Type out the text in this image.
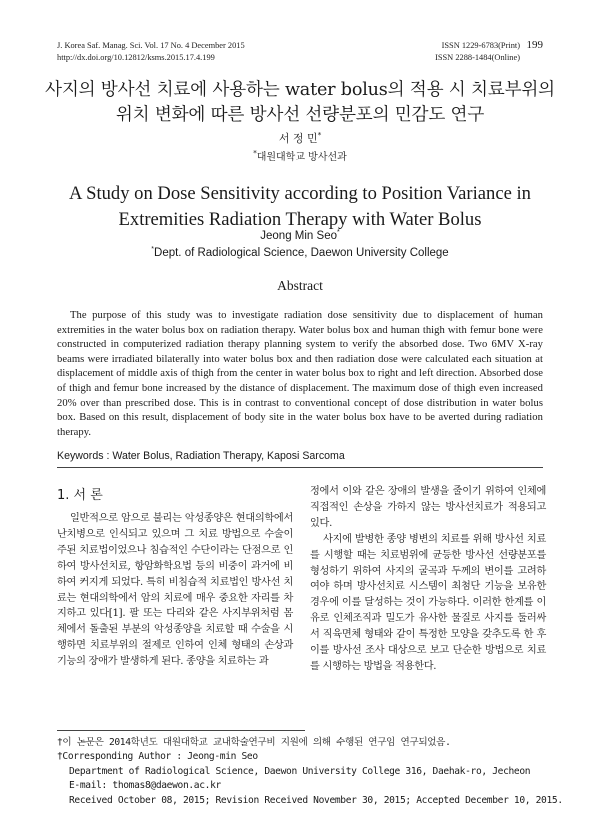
J. Korea Saf. Manag. Sci. Vol. 17 No. 4 December 2015	ISSN 1229-6783(Print) 199
http://dx.doi.org/10.12812/ksms.2015.17.4.199	ISSN 2288-1484(Online)
사지의 방사선 치료에 사용하는 water bolus의 적용 시 치료부위의
위치 변화에 따른 방사선 선량분포의 민감도 연구
서 정 민*
*대원대학교 방사선과
A Study on Dose Sensitivity according to Position Variance in
Extremities Radiation Therapy with Water Bolus
Jeong Min Seo*
*Dept. of Radiological Science, Daewon University College
Abstract
The purpose of this study was to investigate radiation dose sensitivity due to displacement of human extremities in the water bolus box on radiation therapy. Water bolus box and human thigh with femur bone were constructed in computerized radiation therapy planning system to verify the absorbed dose. Two 6MV X-ray beams were irradiated bilaterally into water bolus box and then radiation dose were calculated each situation at displacement of middle axis of thigh from the center in water bolus box to right and left direction. Absorbed dose of thigh and femur bone increased by the distance of displacement. The maximum dose of thigh even increased 20% over than prescribed dose. This is in contrast to conventional concept of dose distribution in water bolus box. Based on this result, displacement of body site in the water bolus box have to be averted during radiation therapy.
Keywords : Water Bolus, Radiation Therapy, Kaposi Sarcoma
1. 서 론
일반적으로 암으로 불리는 악성종양은 현대의학에서 난치병으로 인식되고 있으며 그 치료 방법으로 수술이 주된 치료법이었으나 침습적인 수단이라는 단점으로 인하여 방사선치료, 항암화학요법 등의 비중이 과거에 비하여 커지게 되었다. 특히 비침습적 치료법인 방사선 치료는 현대의학에서 암의 치료에 매우 중요한 자리를 차지하고 있다[1]. 팔 또는 다리와 같은 사지부위처럼 몸체에서 돌출된 부분의 악성종양을 치료할 때 수술을 시행하면 치료부위의 절제로 인하여 인체 형태의 손상과 기능의 장애가 발생하게 된다. 종양을 치료하는 과

정에서 이와 같은 장애의 발생을 줄이기 위하여 인체에 직접적인 손상을 가하지 않는 방사선치료가 적용되고 있다.

사지에 발병한 종양 병변의 치료를 위해 방사선 치료를 시행할 때는 치료범위에 균등한 방사선 선량분포를 형성하기 위하여 사지의 굴곡과 두께의 변이를 고려하여야 하며 방사선치료 시스템이 최첨단 기능을 보유한 경우에 이를 달성하는 것이 가능하다. 이러한 한계를 이유로 인체조직과 밀도가 유사한 물질로 사지를 둘러싸서 직육면체 형태와 같이 특정한 모양을 갖추도록 한 후 이를 방사선 조사 대상으로 보고 단순한 방법으로 치료를 시행하는 방법을 적용한다.

†이 논문은 2014학년도 대원대학교 교내학술연구비 지원에 의해 수행된 연구임 연구되었음.
†Corresponding Author : Jeong-min Seo
Department of Radiological Science, Daewon University College 316, Daehak-ro, Jecheon
E-mail: thomas8@daewon.ac.kr
Received October 08, 2015; Revision Received November 30, 2015; Accepted December 10, 2015.
